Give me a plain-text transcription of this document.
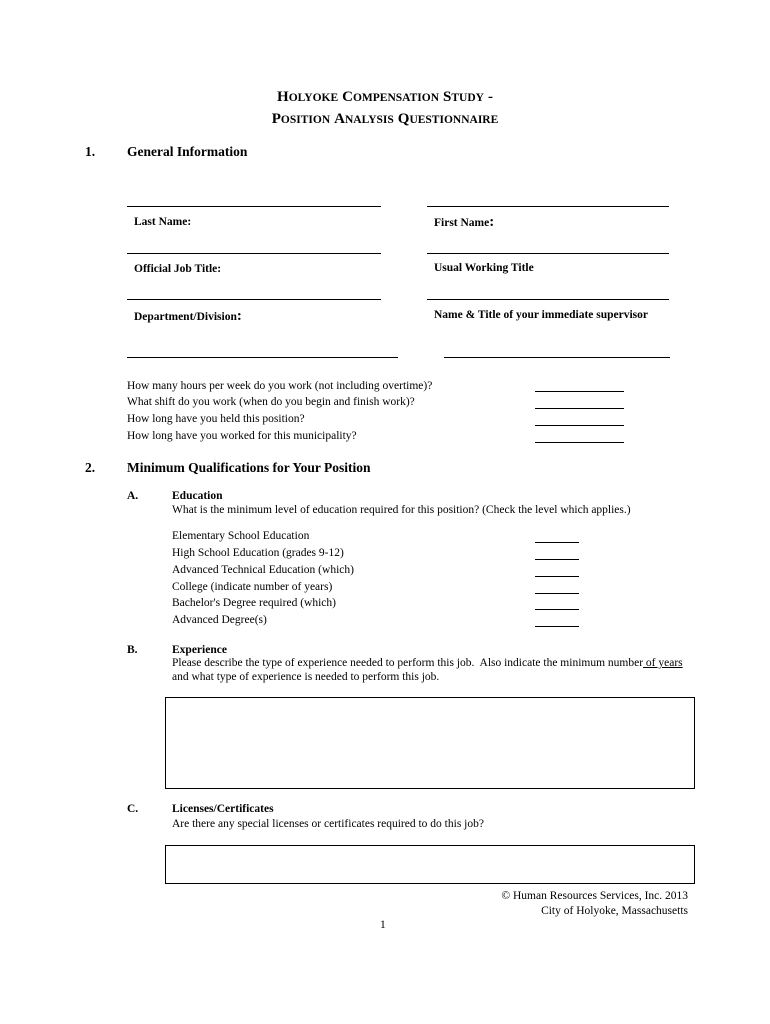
HOLYOKE COMPENSATION STUDY -
POSITION ANALYSIS QUESTIONNAIRE
1. General Information
Last Name:	First Name:
Official Job Title:	Usual Working Title
Department/Division:	Name & Title of your immediate supervisor
How many hours per week do you work (not including overtime)?
What shift do you work (when do you begin and finish work)?
How long have you held this position?
How long have you worked for this municipality?
2. Minimum Qualifications for Your Position
A.	Education
What is the minimum level of education required for this position? (Check the level which applies.)
Elementary School Education
High School Education (grades 9-12)
Advanced Technical Education (which)
College (indicate number of years)
Bachelor's Degree required (which)
Advanced Degree(s)
B.	Experience
Please describe the type of experience needed to perform this job.  Also indicate the minimum number of years
and what type of experience is needed to perform this job.
C.	Licenses/Certificates
Are there any special licenses or certificates required to do this job?
© Human Resources Services, Inc. 2013
City of Holyoke, Massachusetts
1
